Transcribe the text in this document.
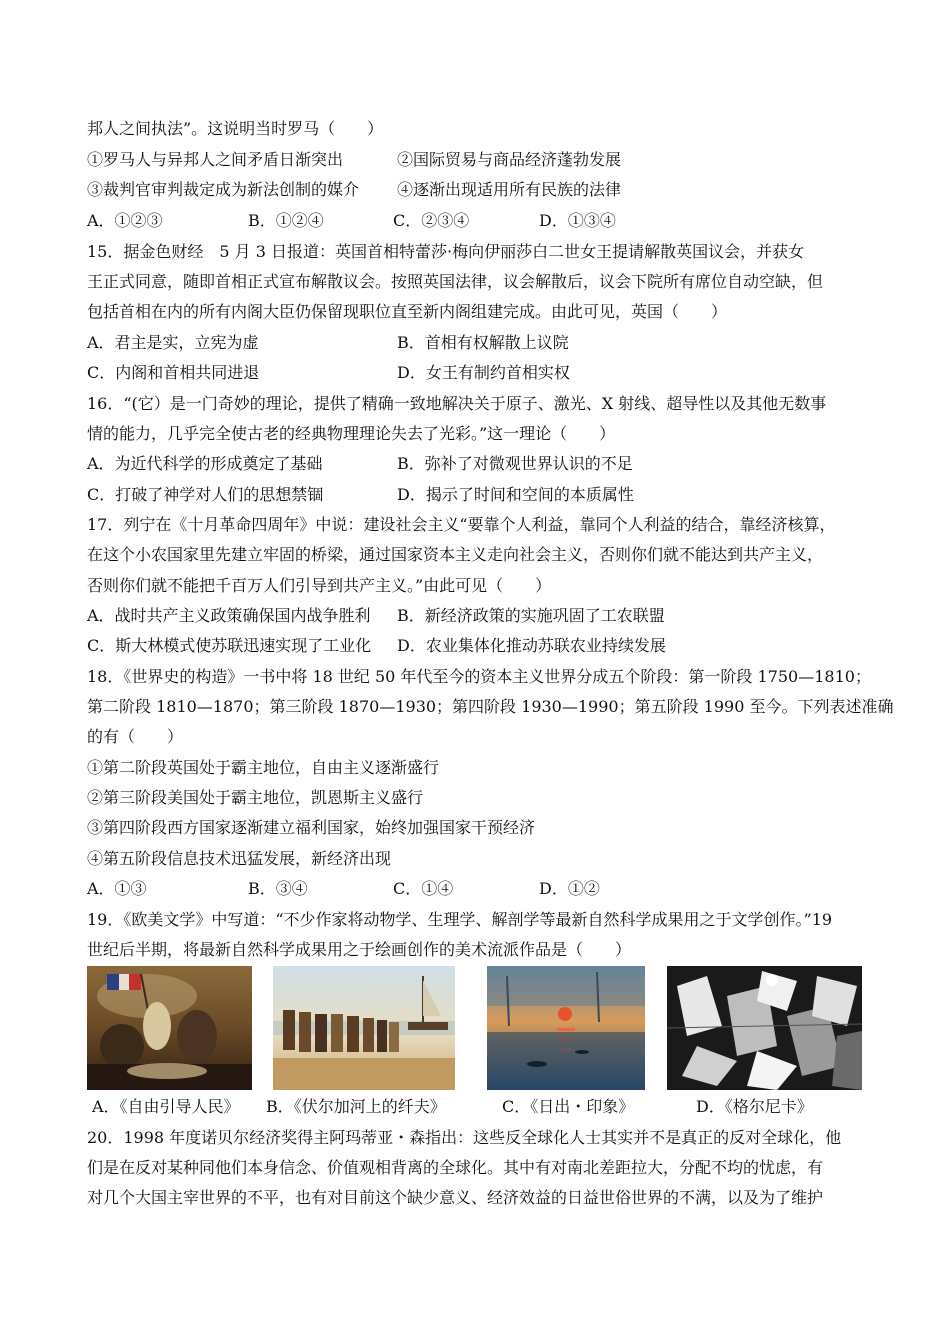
邦人之间执法”。这说明当时罗马（　　）
①罗马人与异邦人之间矛盾日渐突出	②国际贸易与商品经济蓬勃发展
③裁判官审判裁定成为新法创制的媒介 ④逐渐出现适用所有民族的法律
A．①②③	B．①②④	C．②③④	D．①③④
15．据金色财经　5 月 3 日报道：英国首相特蕾莎·梅向伊丽莎白二世女王提请解散英国议会，并获女
王正式同意，随即首相正式宣布解散议会。按照英国法律，议会解散后，议会下院所有席位自动空缺，但
包括首相在内的所有内阁大臣仍保留现职位直至新内阁组建完成。由此可见，英国（　　）
A．君主是实，立宪为虚	B．首相有权解散上议院
C．内阁和首相共同进退	D．女王有制约首相实权
16．“(它）是一门奇妙的理论，提供了精确一致地解决关于原子、激光、X 射线、超导性以及其他无数事
情的能力，几乎完全使古老的经典物理理论失去了光彩。”这一理论（　　）
A．为近代科学的形成奠定了基础	B．弥补了对微观世界认识的不足
C．打破了神学对人们的思想禁锢	D．揭示了时间和空间的本质属性
17．列宁在《十月革命四周年》中说：建设社会主义“要靠个人利益，靠同个人利益的结合，靠经济核算，
在这个小农国家里先建立牢固的桥梁，通过国家资本主义走向社会主义，否则你们就不能达到共产主义，
否则你们就不能把千百万人们引导到共产主义。”由此可见（　　）
A．战时共产主义政策确保国内战争胜利 B．新经济政策的实施巩固了工农联盟
C．斯大林模式使苏联迅速实现了工业化 D．农业集体化推动苏联农业持续发展
18．《世界史的构造》一书中将 18 世纪 50 年代至今的资本主义世界分成五个阶段：第一阶段 1750—1810；
第二阶段 1810—1870；第三阶段 1870—1930；第四阶段 1930—1990；第五阶段 1990 至今。下列表述准确
的有（　　）
①第二阶段英国处于霸主地位，自由主义逐渐盛行
②第三阶段美国处于霸主地位，凯恩斯主义盛行
③第四阶段西方国家逐渐建立福利国家，始终加强国家干预经济
④第五阶段信息技术迅猛发展，新经济出现
A．①③	B．③④	C．①④	D．①②
19．《欧美文学》中写道：“不少作家将动物学、生理学、解剖学等最新自然科学成果用之于文学创作。”19
世纪后半期，将最新自然科学成果用之于绘画创作的美术流派作品是（　　）
A．《自由引导人民》 B．《伏尔加河上的纤夫》	C．《日出・印象》	D．《格尔尼卡》
20．1998 年度诺贝尔经济奖得主阿玛蒂亚・森指出：这些反全球化人士其实并不是真正的反对全球化，他
们是在反对某种同他们本身信念、价值观相背离的全球化。其中有对南北差距拉大，分配不均的忧虑，有
对几个大国主宰世界的不平，也有对目前这个缺少意义、经济效益的日益世俗世界的不满，以及为了维护
